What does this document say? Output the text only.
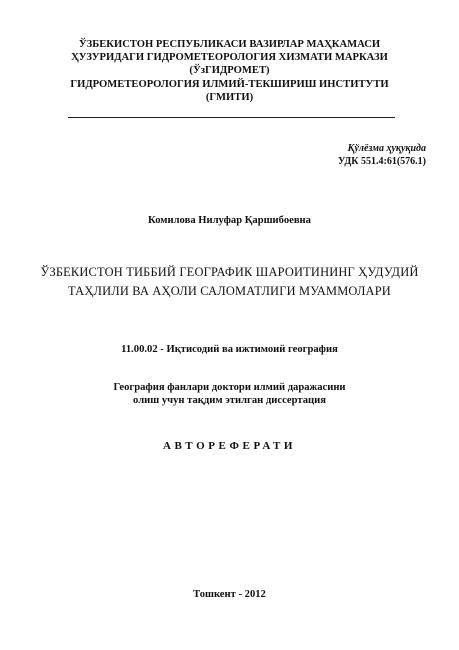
ЎЗБЕКИСТОН РЕСПУБЛИКАСИ ВАЗИРЛАР МАҲКАМАСИ
ҲУЗУРИДАГИ ГИДРОМЕТЕОРОЛОГИЯ ХИЗМАТИ МАРКАЗИ
(ЎзГИДРОМЕТ)
ГИДРОМЕТЕОРОЛОГИЯ ИЛМИЙ-ТЕКШИРИШ ИНСТИТУТИ
(ГМИТИ)
Қўлёзма ҳуқуқида
УДК 551.4:61(576.1)
Комилова Нилуфар Қаршибоевна
ЎЗБЕКИСТОН ТИББИЙ ГЕОГРАФИК ШАРОИТИНИНГ ҲУДУДИЙ
ТАҲЛИЛИ ВА АҲОЛИ САЛОМАТЛИГИ МУАММОЛАРИ
11.00.02 - Иқтисодий ва ижтимоий география
География фанлари доктори илмий даражасини
олиш учун тақдим этилган диссертация
АВТОРЕФЕРАТИ
Тошкент - 2012
